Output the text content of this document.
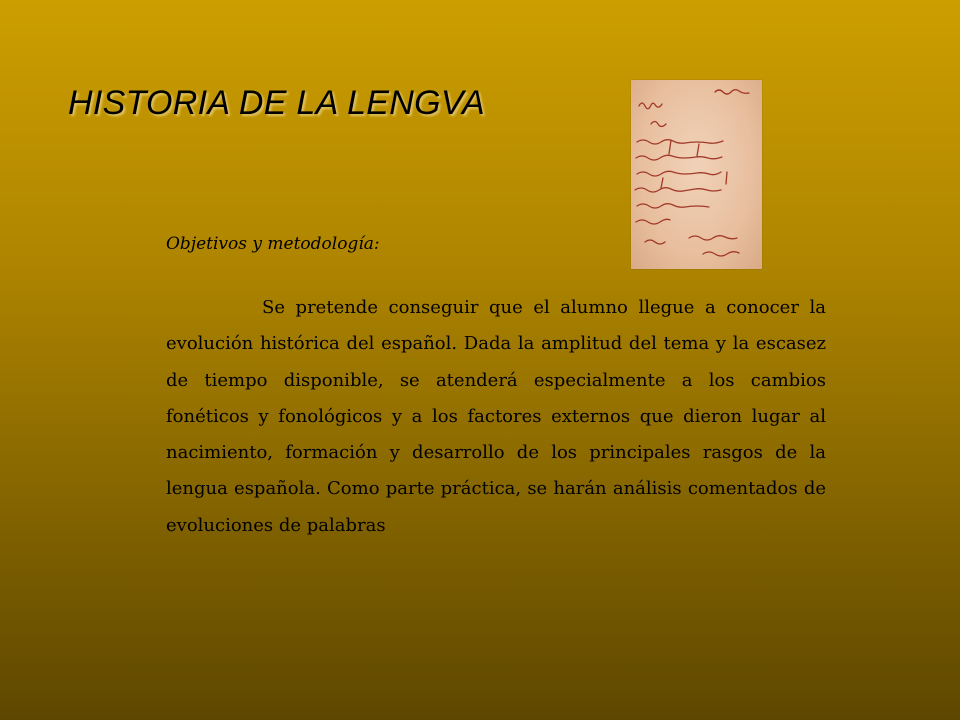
HISTORIA DE LA LENGVA
Objetivos y metodología:

Se pretende conseguir que el alumno llegue a conocer la evolución histórica del español. Dada la amplitud del tema y la escasez de tiempo disponible, se atenderá especialmente a los cambios fonéticos y fonológicos y a los factores externos que dieron lugar al nacimiento, formación y desarrollo de los principales rasgos de la lengua española. Como parte práctica, se harán análisis comentados de evoluciones de palabras
